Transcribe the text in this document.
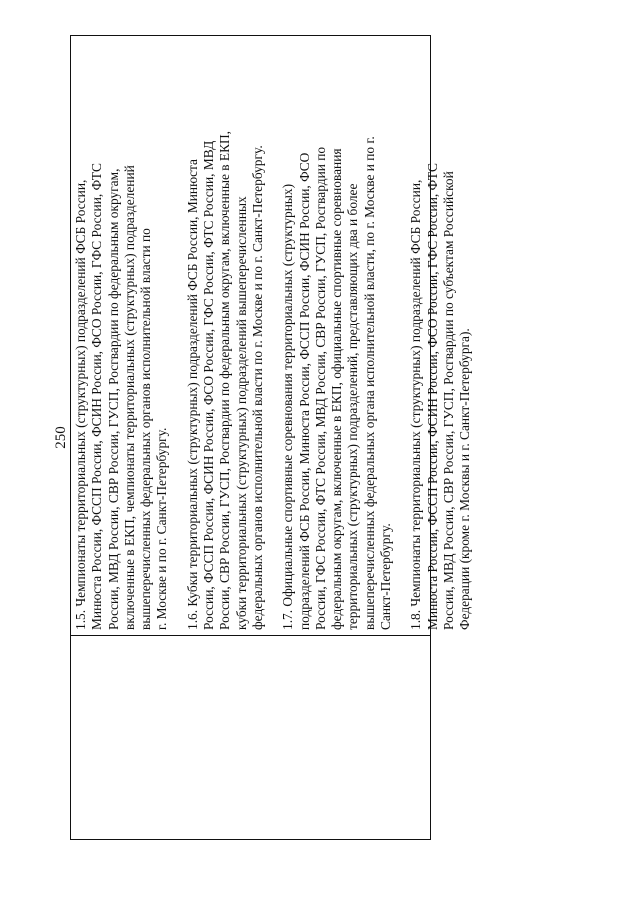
250 1.5. Чемпионаты территориальных (структурных) подразделений ФСБ России, Минюста России, ФССП России, ФСИН России, ФСО России, ГФС России, ФТС России, МВД России, СВР России, ГУСП, Росгвардии по федеральным округам, включенные в ЕКП, чемпионаты территориальных (структурных) подразделений вышеперечисленных федеральных органов исполнительной власти по г. Москве и по г. Санкт-Петербургу. 1.6. Кубки территориальных (структурных) подразделений ФСБ России, Минюста России, ФССП России, ФСИН России, ФСО России, ГФС России, ФТС России, МВД России, СВР России, ГУСП, Росгвардии по федеральным округам, включенные в ЕКП, кубки территориальных (структурных) подразделений вышеперечисленных федеральных органов исполнительной власти по г. Москве и по г. Санкт-Петербургу. 1.7. Официальные спортивные соревнования территориальных (структурных) подразделений ФСБ России, Минюста России, ФССП России, ФСИН России, ФСО России, ГФС России, ФТС России, МВД России, СВР России, ГУСП, Росгвардии по федеральным округам, включенные в ЕКП, официальные спортивные соревнования территориальных (структурных) подразделений, представляющих два и более вышеперечисленных федеральных органа исполнительной власти, по г. Москве и по г. Санкт-Петербургу. 1.8. Чемпионаты территориальных (структурных) подразделений ФСБ России, Минюста России, ФССП России, ФСИН России, ФСО России, ГФС России, ФТС России, МВД России, СВР России, ГУСП, Росгвардии по субъектам Российской Федерации (кроме г. Москвы и г. Санкт-Петербурга).
